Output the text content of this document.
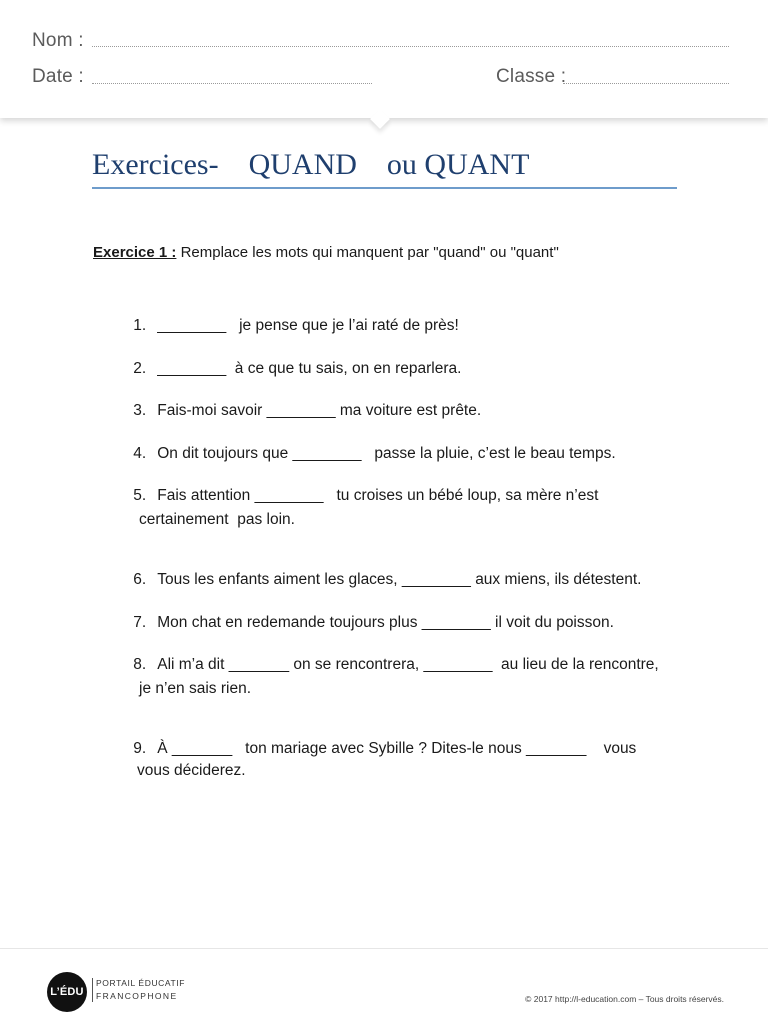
Nom :
Date :	Classe :
Exercices-    QUAND    ou QUANT
Exercice 1 : Remplace les mots qui manquent par "quand" ou "quant"

1. ________   je pense que je l’ai raté de près!

2. ________  à ce que tu sais, on en reparlera.

3. Fais-moi savoir ________ ma voiture est prête.

4. On dit toujours que ________   passe la pluie, c’est le beau temps.

5. Fais attention ________   tu croises un bébé loup, sa mère n’est

certainement  pas loin.

6. Tous les enfants aiment les glaces, ________ aux miens, ils détestent.

7. Mon chat en redemande toujours plus ________ il voit du poisson.

8. Ali m’a dit _______ on se rencontrera, ________  au lieu de la rencontre,

je n’en sais rien.

9. À _______   ton mariage avec Sybille ? Dites-le nous _______    vous

vous déciderez.
L’ÉDU
PORTAIL ÉDUCATIF
FRANCOPHONE	© 2017 http://l-education.com – Tous droits réservés.
